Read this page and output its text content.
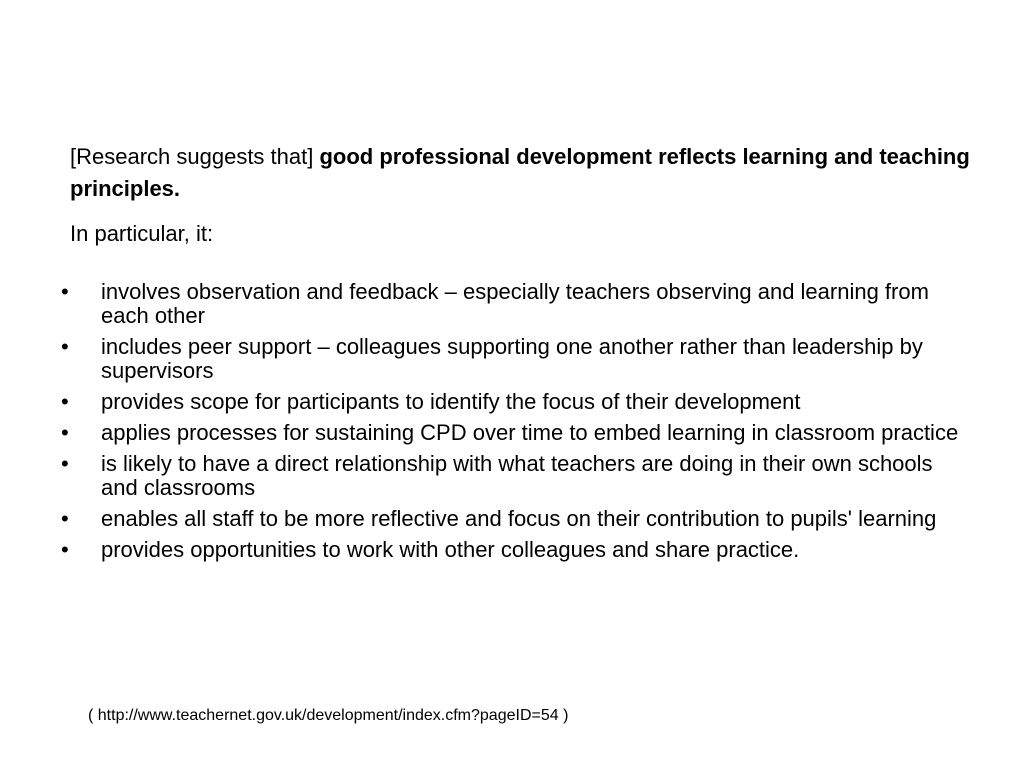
[Research suggests that] good professional development reflects learning and teaching principles.

In particular, it:

• involves observation and feedback – especially teachers observing and learning from each other
• includes peer support – colleagues supporting one another rather than leadership by supervisors
• provides scope for participants to identify the focus of their development
• applies processes for sustaining CPD over time to embed learning in classroom practice
• is likely to have a direct relationship with what teachers are doing in their own schools and classrooms
• enables all staff to be more reflective and focus on their contribution to pupils' learning
• provides opportunities to work with other colleagues and share practice.

( http://www.teachernet.gov.uk/development/index.cfm?pageID=54 )
